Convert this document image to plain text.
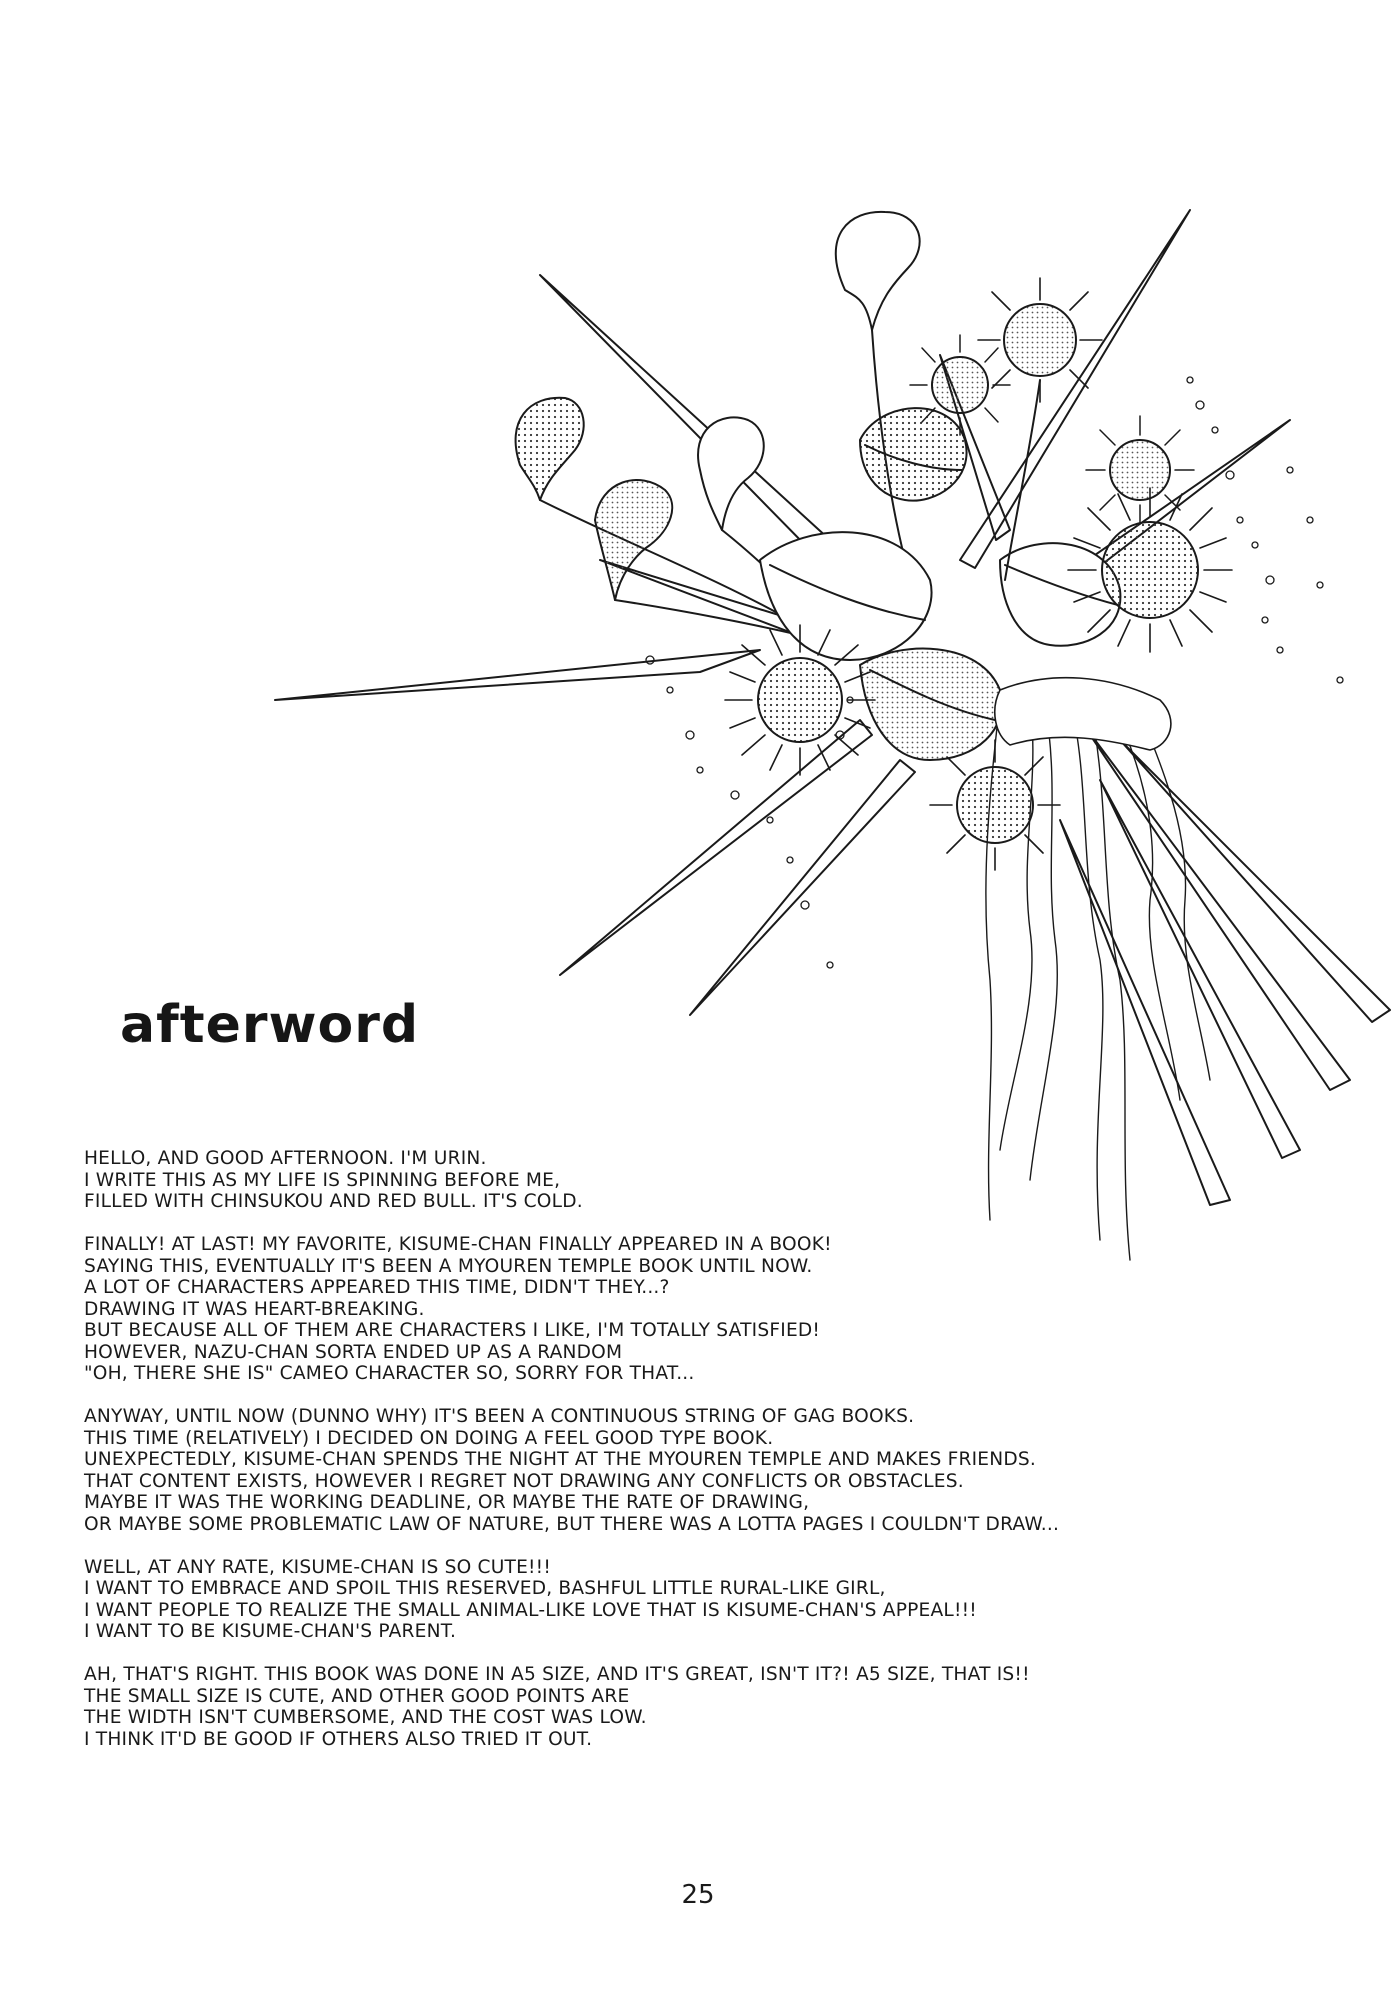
afterword

HELLO, AND GOOD AFTERNOON. I'M URIN.
I WRITE THIS AS MY LIFE IS SPINNING BEFORE ME,
FILLED WITH CHINSUKOU AND RED BULL. IT'S COLD.

FINALLY! AT LAST! MY FAVORITE, KISUME-CHAN FINALLY APPEARED IN A BOOK!
SAYING THIS, EVENTUALLY IT'S BEEN A MYOUREN TEMPLE BOOK UNTIL NOW.
A LOT OF CHARACTERS APPEARED THIS TIME, DIDN'T THEY...?
DRAWING IT WAS HEART-BREAKING.
BUT BECAUSE ALL OF THEM ARE CHARACTERS I LIKE, I'M TOTALLY SATISFIED!
HOWEVER, NAZU-CHAN SORTA ENDED UP AS A RANDOM
"OH, THERE SHE IS" CAMEO CHARACTER SO, SORRY FOR THAT...

ANYWAY, UNTIL NOW (DUNNO WHY) IT'S BEEN A CONTINUOUS STRING OF GAG BOOKS.
THIS TIME (RELATIVELY) I DECIDED ON DOING A FEEL GOOD TYPE BOOK.
UNEXPECTEDLY, KISUME-CHAN SPENDS THE NIGHT AT THE MYOUREN TEMPLE AND MAKES FRIENDS.
THAT CONTENT EXISTS, HOWEVER I REGRET NOT DRAWING ANY CONFLICTS OR OBSTACLES.
MAYBE IT WAS THE WORKING DEADLINE, OR MAYBE THE RATE OF DRAWING,
OR MAYBE SOME PROBLEMATIC LAW OF NATURE, BUT THERE WAS A LOTTA PAGES I COULDN'T DRAW...

WELL, AT ANY RATE, KISUME-CHAN IS SO CUTE!!!
I WANT TO EMBRACE AND SPOIL THIS RESERVED, BASHFUL LITTLE RURAL-LIKE GIRL,
I WANT PEOPLE TO REALIZE THE SMALL ANIMAL-LIKE LOVE THAT IS KISUME-CHAN'S APPEAL!!!
I WANT TO BE KISUME-CHAN'S PARENT.

AH, THAT'S RIGHT. THIS BOOK WAS DONE IN A5 SIZE, AND IT'S GREAT, ISN'T IT?! A5 SIZE, THAT IS!!
THE SMALL SIZE IS CUTE, AND OTHER GOOD POINTS ARE
THE WIDTH ISN'T CUMBERSOME, AND THE COST WAS LOW.
I THINK IT'D BE GOOD IF OTHERS ALSO TRIED IT OUT.

25
